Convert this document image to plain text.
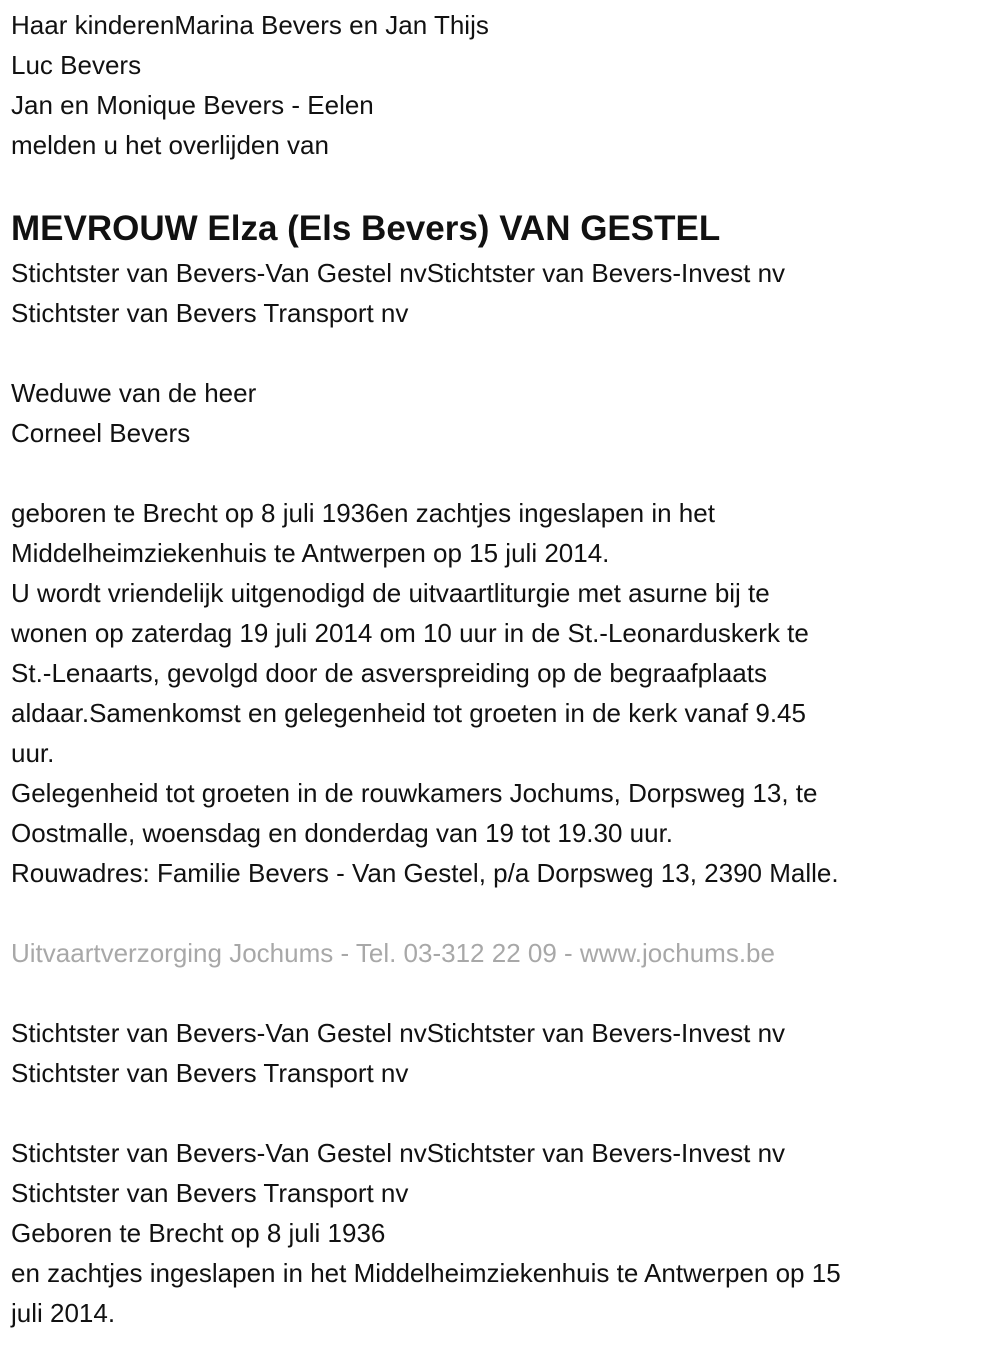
Haar kinderenMarina Bevers en Jan Thijs
Luc Bevers
Jan en Monique Bevers - Eelen
melden u het overlijden van
MEVROUW Elza (Els Bevers) VAN GESTEL
Stichtster van Bevers-Van Gestel nvStichtster van Bevers-Invest nv
Stichtster van Bevers Transport nv
Weduwe van de heer
Corneel Bevers
geboren te Brecht op 8 juli 1936en zachtjes ingeslapen in het
Middelheimziekenhuis te Antwerpen op 15 juli 2014.
U wordt vriendelijk uitgenodigd de uitvaartliturgie met asurne bij te
wonen op zaterdag 19 juli 2014 om 10 uur in de St.-Leonarduskerk te
St.-Lenaarts, gevolgd door de asverspreiding op de begraafplaats
aldaar.Samenkomst en gelegenheid tot groeten in de kerk vanaf 9.45
uur.
Gelegenheid tot groeten in de rouwkamers Jochums, Dorpsweg 13, te
Oostmalle, woensdag en donderdag van 19 tot 19.30 uur.
Rouwadres: Familie Bevers - Van Gestel, p/a Dorpsweg 13, 2390 Malle.
Uitvaartverzorging Jochums - Tel. 03-312 22 09 - www.jochums.be
Stichtster van Bevers-Van Gestel nvStichtster van Bevers-Invest nv
Stichtster van Bevers Transport nv
Stichtster van Bevers-Van Gestel nvStichtster van Bevers-Invest nv
Stichtster van Bevers Transport nv
Geboren te Brecht op 8 juli 1936
en zachtjes ingeslapen in het Middelheimziekenhuis te Antwerpen op 15
juli 2014.
